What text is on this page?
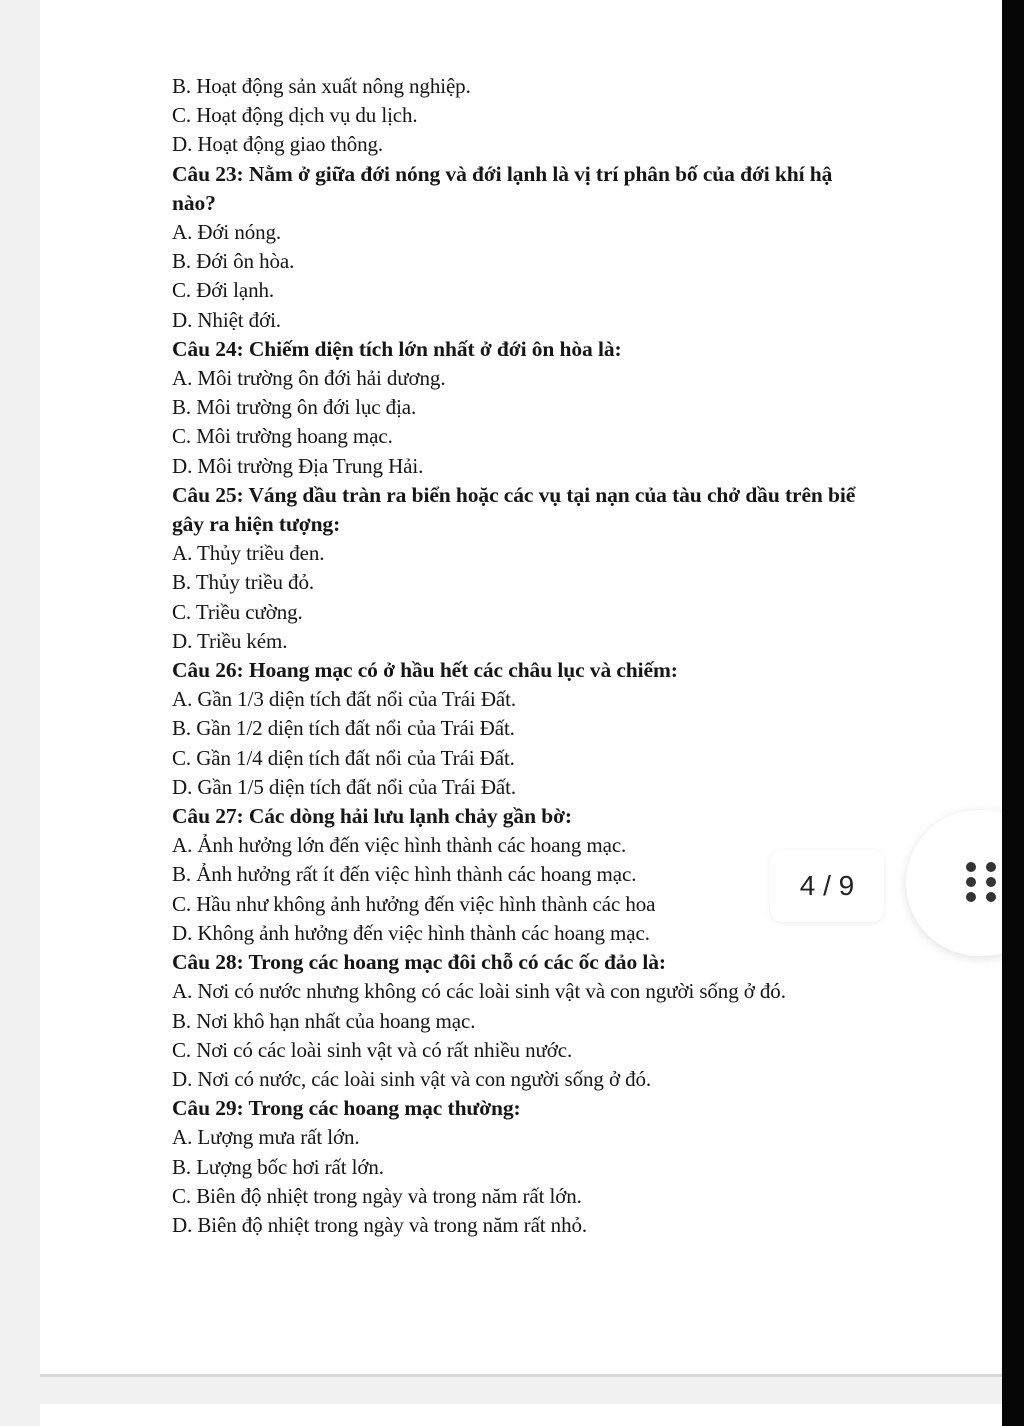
B. Hoạt động sản xuất nông nghiệp.
C. Hoạt động dịch vụ du lịch.
D. Hoạt động giao thông.
Câu 23: Nằm ở giữa đới nóng và đới lạnh là vị trí phân bố của đới khí hậ
nào?
A. Đới nóng.
B. Đới ôn hòa.
C. Đới lạnh.
D. Nhiệt đới.
Câu 24: Chiếm diện tích lớn nhất ở đới ôn hòa là:
A. Môi trường ôn đới hải dương.
B. Môi trường ôn đới lục địa.
C. Môi trường hoang mạc.
D. Môi trường Địa Trung Hải.
Câu 25: Váng dầu tràn ra biển hoặc các vụ tại nạn của tàu chở dầu trên biể
gây ra hiện tượng:
A. Thủy triều đen.
B. Thủy triều đỏ.
C. Triều cường.
D. Triều kém.
Câu 26: Hoang mạc có ở hầu hết các châu lục và chiếm:
A. Gần 1/3 diện tích đất nổi của Trái Đất.
B. Gần 1/2 diện tích đất nổi của Trái Đất.
C. Gần 1/4 diện tích đất nổi của Trái Đất.
D. Gần 1/5 diện tích đất nổi của Trái Đất.
Câu 27: Các dòng hải lưu lạnh chảy gần bờ:
A. Ảnh hưởng lớn đến việc hình thành các hoang mạc.
B. Ảnh hưởng rất ít đến việc hình thành các hoang mạc.
C. Hầu như không ảnh hưởng đến việc hình thành các hoa
D. Không ảnh hưởng đến việc hình thành các hoang mạc.
Câu 28: Trong các hoang mạc đôi chỗ có các ốc đảo là:
A. Nơi có nước nhưng không có các loài sinh vật và con người sống ở đó.
B. Nơi khô hạn nhất của hoang mạc.
C. Nơi có các loài sinh vật và có rất nhiều nước.
D. Nơi có nước, các loài sinh vật và con người sống ở đó.
Câu 29: Trong các hoang mạc thường:
A. Lượng mưa rất lớn.
B. Lượng bốc hơi rất lớn.
C. Biên độ nhiệt trong ngày và trong năm rất lớn.
D. Biên độ nhiệt trong ngày và trong năm rất nhỏ.
4 / 9
